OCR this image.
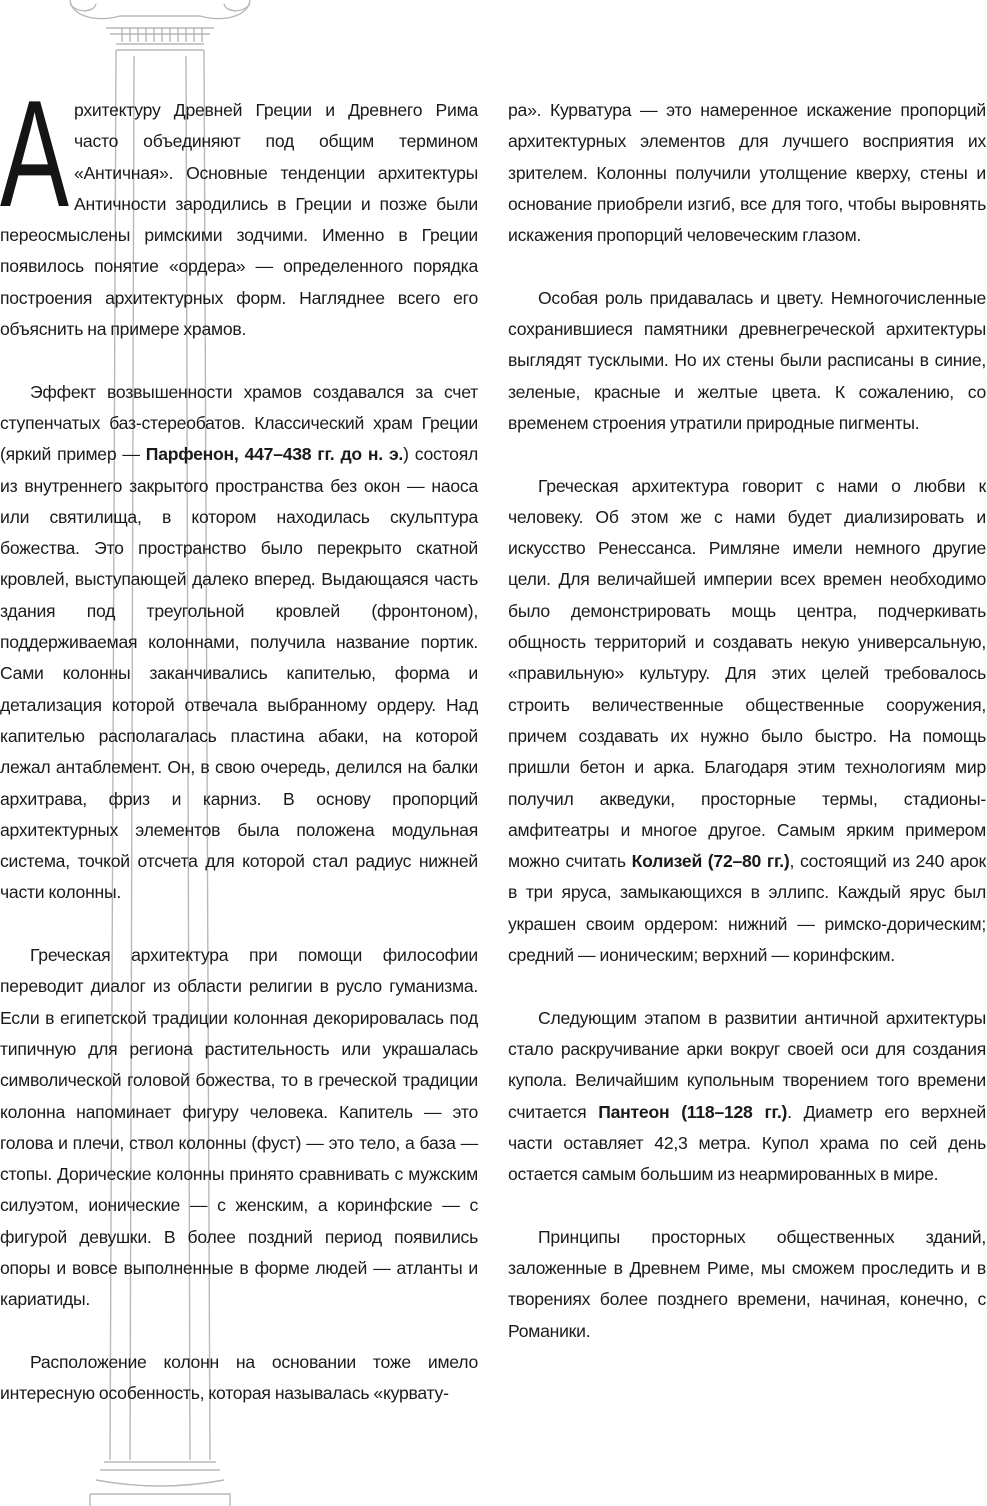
А рхитектуру Древней Греции и Древнего Рима часто объединяют под общим термином «Античная». Основные тенденции архитектуры Античности зародились в Греции и позже были переосмыслены римскими зодчими. Именно в Греции появилось понятие «ордера» — определенного порядка построения архитектурных форм. Нагляднее всего его объяснить на примере храмов.

Эффект возвышенности храмов создавался за счет ступенчатых баз-стереобатов. Классический храм Греции (яркий пример — Парфенон, 447–438 гг. до н. э.) состоял из внутреннего закрытого пространства без окон — наоса или святилища, в котором находилась скульптура божества. Это пространство было перекрыто скатной кровлей, выступающей далеко вперед. Выдающаяся часть здания под треугольной кровлей (фронтоном), поддерживаемая колоннами, получила название портик. Сами колонны заканчивались капителью, форма и детализация которой отвечала выбранному ордеру. Над капителью располагалась пластина абаки, на которой лежал антаблемент. Он, в свою очередь, делился на балки архитрава, фриз и карниз. В основу пропорций архитектурных элементов была положена модульная система, точкой отсчета для которой стал радиус нижней части колонны.

Греческая архитектура при помощи философии переводит диалог из области религии в русло гуманизма. Если в египетской традиции колонная декорировалась под типичную для региона растительность или украшалась символической головой божества, то в греческой традиции колонна напоминает фигуру человека. Капитель — это голова и плечи, ствол колонны (фуст) — это тело, а база — стопы. Дорические колонны принято сравнивать с мужским силуэтом, ионические — с женским, а коринфские — с фигурой девушки. В более поздний период появились опоры и вовсе выполненные в форме людей — атланты и кариатиды.

Расположение колонн на основании тоже имело интересную особенность, которая называлась «курвату-

ра». Курватура — это намеренное искажение пропорций архитектурных элементов для лучшего восприятия их зрителем. Колонны получили утолщение кверху, стены и основание приобрели изгиб, все для того, чтобы выровнять искажения пропорций человеческим глазом.

Особая роль придавалась и цвету. Немногочисленные сохранившиеся памятники древнегреческой архитектуры выглядят тусклыми. Но их стены были расписаны в синие, зеленые, красные и желтые цвета. К сожалению, со временем строения утратили природные пигменты.

Греческая архитектура говорит с нами о любви к человеку. Об этом же с нами будет диализировать и искусство Ренессанса. Римляне имели немного другие цели. Для величайшей империи всех времен необходимо было демонстрировать мощь центра, подчеркивать общность территорий и создавать некую универсальную, «правильную» культуру. Для этих целей требовалось строить величественные общественные сооружения, причем создавать их нужно было быстро. На помощь пришли бетон и арка. Благодаря этим технологиям мир получил акведуки, просторные термы, стадионы-амфитеатры и многое другое. Самым ярким примером можно считать Колизей (72–80 гг.), состоящий из 240 арок в три яруса, замыкающихся в эллипс. Каждый ярус был украшен своим ордером: нижний — римско-дорическим; средний — ионическим; верхний — коринфским.

Следующим этапом в развитии античной архитектуры стало раскручивание арки вокруг своей оси для создания купола. Величайшим купольным творением того времени считается Пантеон (118–128 гг.). Диаметр его верхней части оставляет 42,3 метра. Купол храма по сей день остается самым большим из неармированных в мире.

Принципы просторных общественных зданий, заложенные в Древнем Риме, мы сможем проследить и в творениях более позднего времени, начиная, конечно, с Романики.
